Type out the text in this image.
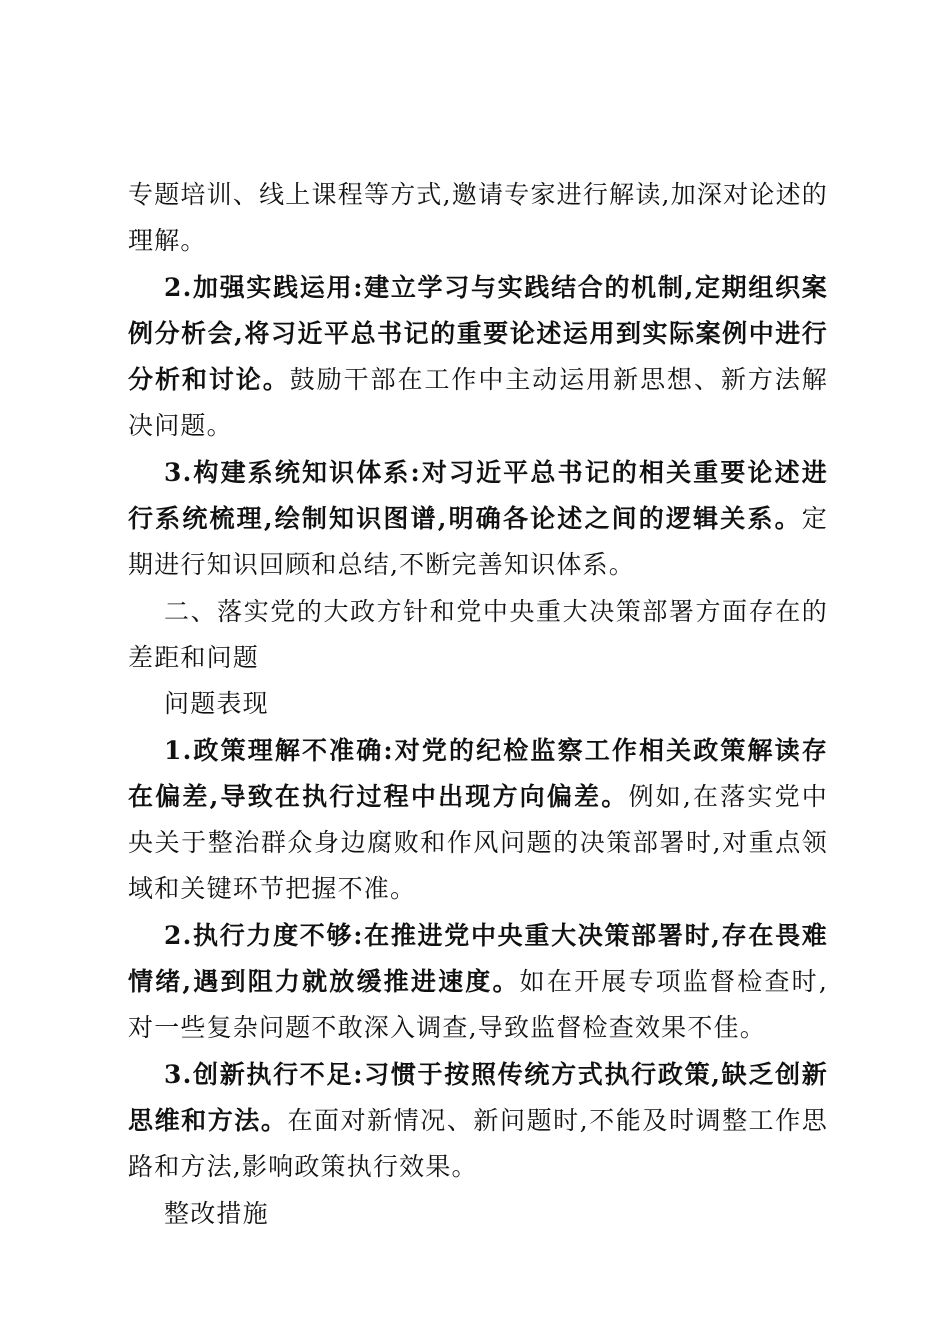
专题培训、线上课程等方式,邀请专家进行解读,加深对论述的理解。

2.加强实践运用:建立学习与实践结合的机制,定期组织案例分析会,将习近平总书记的重要论述运用到实际案例中进行分析和讨论。鼓励干部在工作中主动运用新思想、新方法解决问题。

3.构建系统知识体系:对习近平总书记的相关重要论述进行系统梳理,绘制知识图谱,明确各论述之间的逻辑关系。定期进行知识回顾和总结,不断完善知识体系。

二、落实党的大政方针和党中央重大决策部署方面存在的差距和问题

问题表现

1.政策理解不准确:对党的纪检监察工作相关政策解读存在偏差,导致在执行过程中出现方向偏差。例如,在落实党中央关于整治群众身边腐败和作风问题的决策部署时,对重点领域和关键环节把握不准。

2.执行力度不够:在推进党中央重大决策部署时,存在畏难情绪,遇到阻力就放缓推进速度。如在开展专项监督检查时,对一些复杂问题不敢深入调查,导致监督检查效果不佳。

3.创新执行不足:习惯于按照传统方式执行政策,缺乏创新思维和方法。在面对新情况、新问题时,不能及时调整工作思路和方法,影响政策执行效果。

整改措施
